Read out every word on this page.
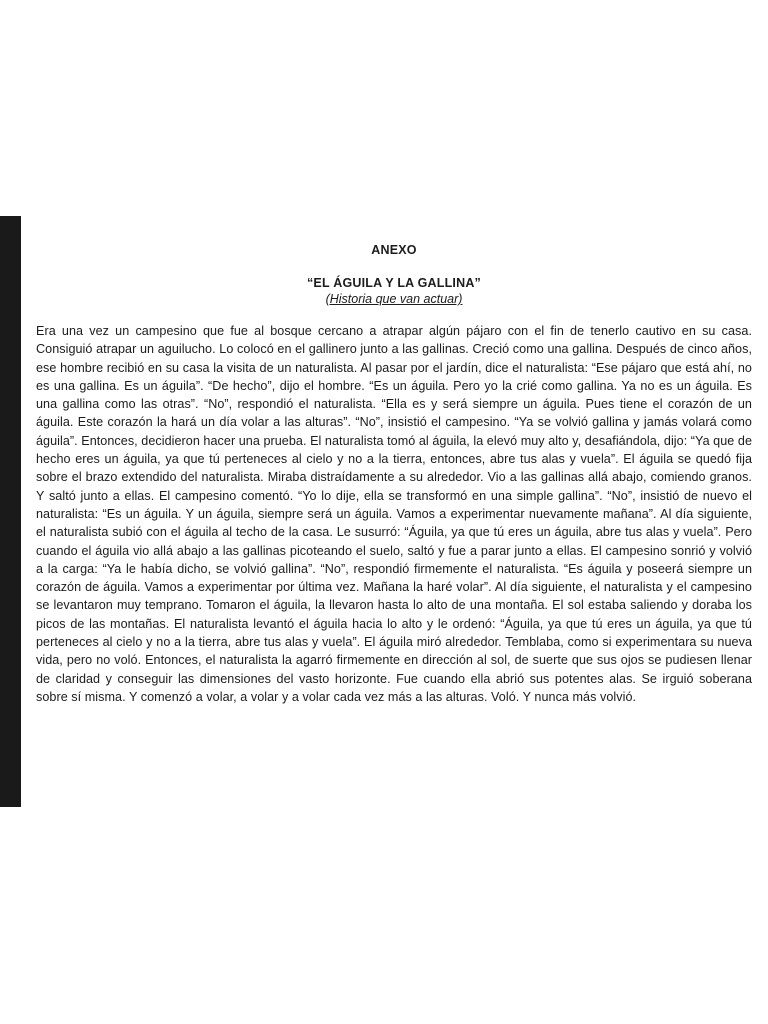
ANEXO

“EL ÁGUILA Y LA GALLINA”

(Historia que van actuar)

Era una vez un campesino que fue al bosque cercano a atrapar algún pájaro con el fin de tenerlo cautivo en su casa. Consiguió atrapar un aguilucho. Lo colocó en el gallinero junto a las gallinas. Creció como una gallina. Después de cinco años, ese hombre recibió en su casa la visita de un naturalista. Al pasar por el jardín, dice el naturalista: “Ese pájaro que está ahí, no es una gallina. Es un águila”. “De hecho”, dijo el hombre. “Es un águila. Pero yo la crié como gallina. Ya no es un águila. Es una gallina como las otras”. “No”, respondió el naturalista. “Ella es y será siempre un águila. Pues tiene el corazón de un águila. Este corazón la hará un día volar a las alturas”. “No”, insistió el campesino. “Ya se volvió gallina y jamás volará como águila”. Entonces, decidieron hacer una prueba. El naturalista tomó al águila, la elevó muy alto y, desafiándola, dijo: “Ya que de hecho eres un águila, ya que tú perteneces al cielo y no a la tierra, entonces, abre tus alas y vuela”. El águila se quedó fija sobre el brazo extendido del naturalista. Miraba distraídamente a su alrededor. Vio a las gallinas allá abajo, comiendo granos. Y saltó junto a ellas. El campesino comentó. “Yo lo dije, ella se transformó en una simple gallina”. “No”, insistió de nuevo el naturalista: “Es un águila. Y un águila, siempre será un águila. Vamos a experimentar nuevamente mañana”. Al día siguiente, el naturalista subió con el águila al techo de la casa. Le susurró: “Águila, ya que tú eres un águila, abre tus alas y vuela”. Pero cuando el águila vio allá abajo a las gallinas picoteando el suelo, saltó y fue a parar junto a ellas. El campesino sonrió y volvió a la carga: “Ya le había dicho, se volvió gallina”. “No”, respondió firmemente el naturalista. “Es águila y poseerá siempre un corazón de águila. Vamos a experimentar por última vez. Mañana la haré volar”. Al día siguiente, el naturalista y el campesino se levantaron muy temprano. Tomaron el águila, la llevaron hasta lo alto de una montaña. El sol estaba saliendo y doraba los picos de las montañas. El naturalista levantó el águila hacia lo alto y le ordenó: “Águila, ya que tú eres un águila, ya que tú perteneces al cielo y no a la tierra, abre tus alas y vuela”. El águila miró alrededor. Temblaba, como si experimentara su nueva vida, pero no voló. Entonces, el naturalista la agarró firmemente en dirección al sol, de suerte que sus ojos se pudiesen llenar de claridad y conseguir las dimensiones del vasto horizonte. Fue cuando ella abrió sus potentes alas. Se irguió soberana sobre sí misma. Y comenzó a volar, a volar y a volar cada vez más a las alturas. Voló. Y nunca más volvió.
